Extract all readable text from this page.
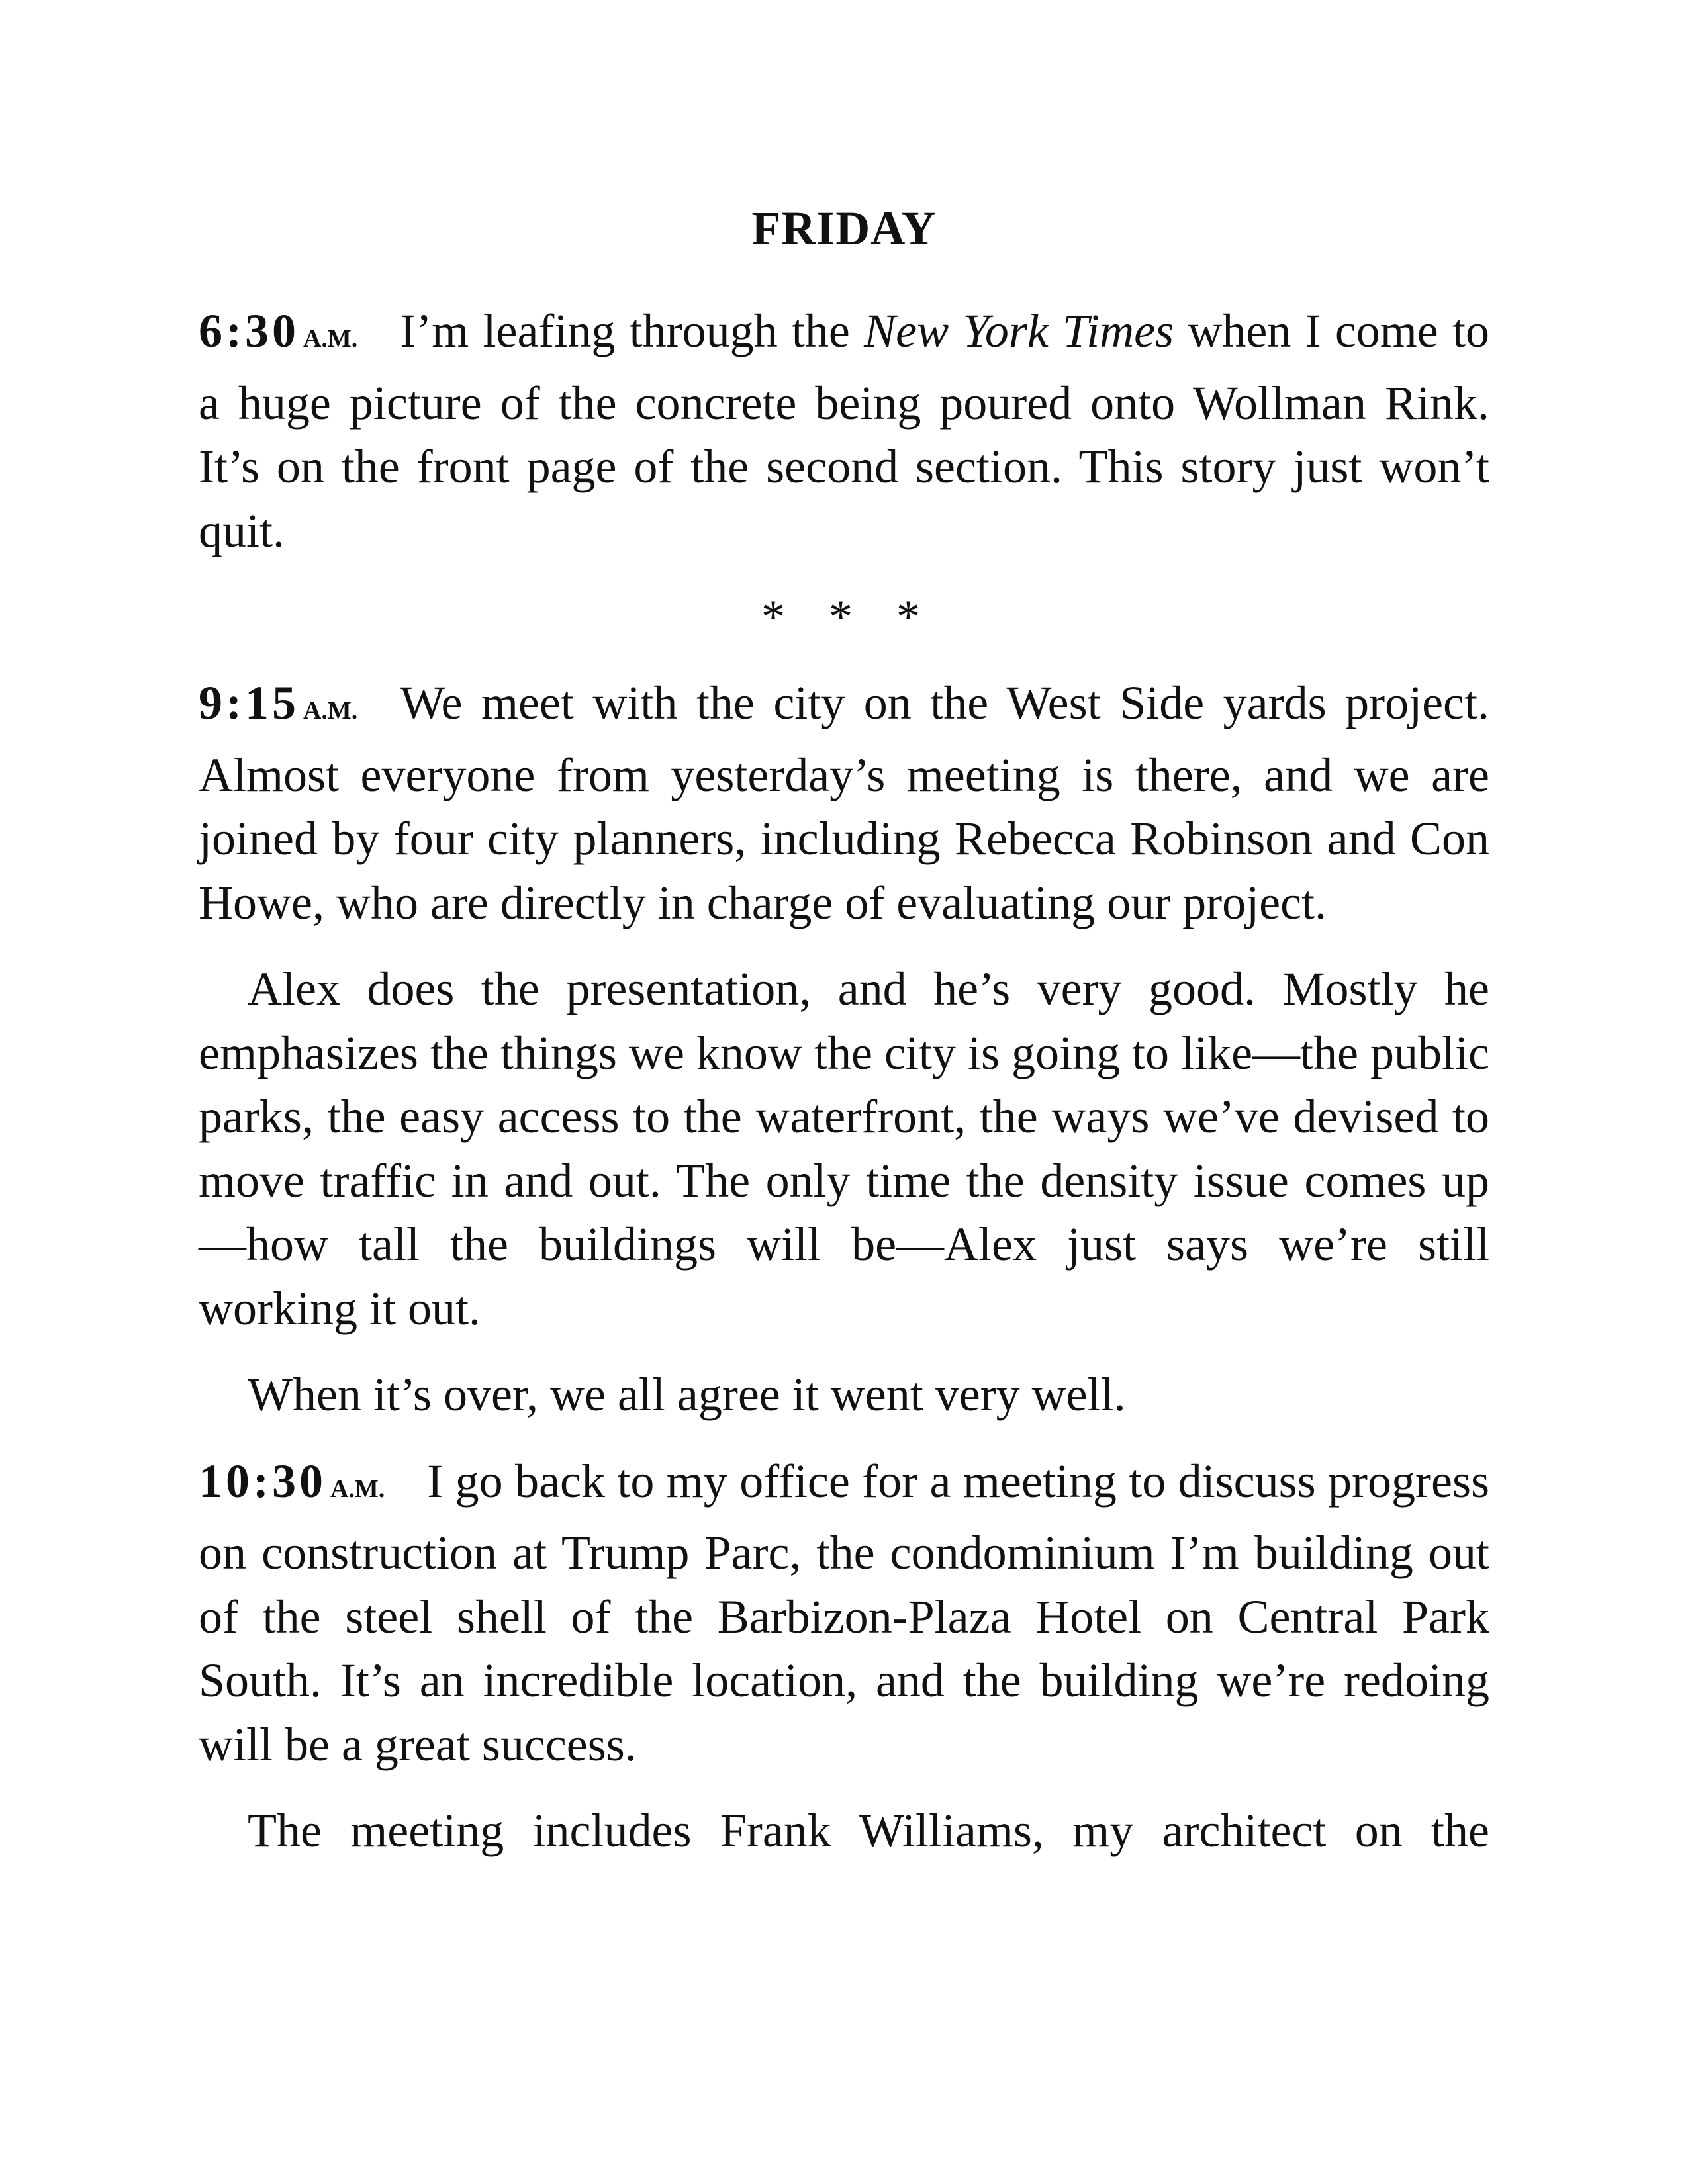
FRIDAY

6:30 A.M. I’m leafing through the New York Times when I come to a huge picture of the concrete being poured onto Wollman Rink. It’s on the front page of the second section. This story just won’t quit.

* * *

9:15 A.M. We meet with the city on the West Side yards project. Almost everyone from yesterday’s meeting is there, and we are joined by four city planners, including Rebecca Robinson and Con Howe, who are directly in charge of evaluating our project.

Alex does the presentation, and he’s very good. Mostly he emphasizes the things we know the city is going to like—the public parks, the easy access to the waterfront, the ways we’ve devised to move traffic in and out. The only time the density issue comes up—how tall the buildings will be—Alex just says we’re still working it out.

When it’s over, we all agree it went very well.

10:30 A.M. I go back to my office for a meeting to discuss progress on construction at Trump Parc, the condominium I’m building out of the steel shell of the Barbizon-Plaza Hotel on Central Park South. It’s an incredible location, and the building we’re redoing will be a great success.

The meeting includes Frank Williams, my architect on the
